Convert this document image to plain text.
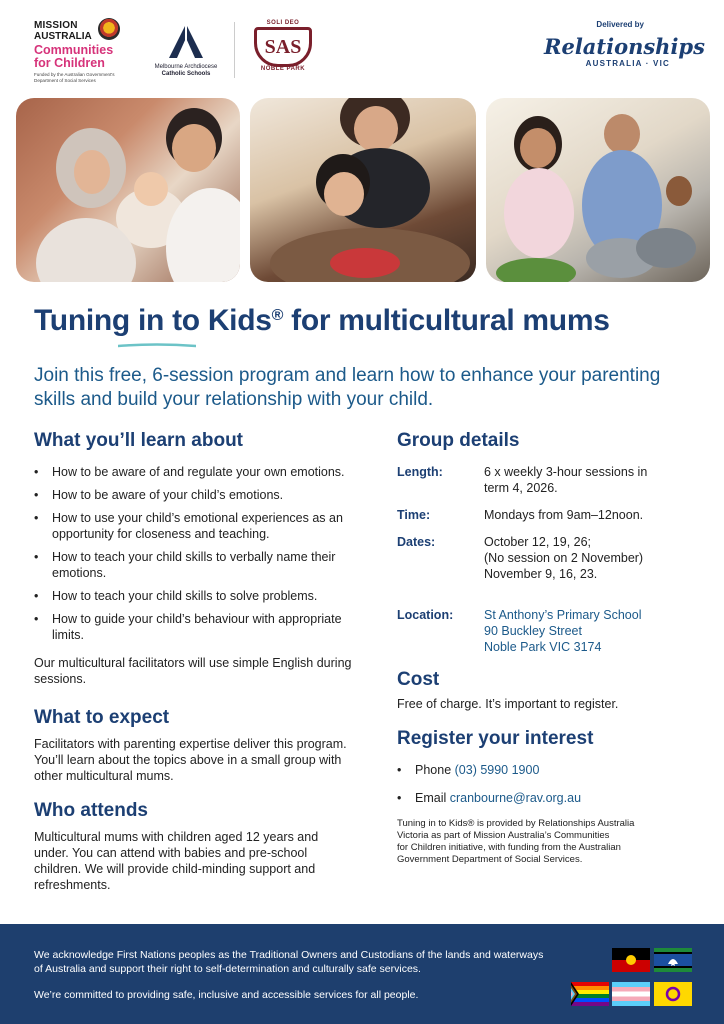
MISSION
AUSTRALIA
Communities
for Children
Funded by the Australian Government's
Department of Social Services
Melbourne Archdiocese
Catholic Schools
SOLI DEO
SAS
NOBLE PARK
Delivered by
Relationships
AUSTRALIA · VIC
Tuning in to Kids® for multicultural mums
Join this free, 6-session program and learn how to enhance your parenting skills and build your relationship with your child.
What you’ll learn about
• How to be aware of and regulate your own emotions.
• How to be aware of your child’s emotions.
• How to use your child’s emotional experiences as an opportunity for closeness and teaching.
• How to teach your child skills to verbally name their emotions.
• How to teach your child skills to solve problems.
• How to guide your child’s behaviour with appropriate limits.
Our multicultural facilitators will use simple English during sessions.
What to expect
Facilitators with parenting expertise deliver this program. You’ll learn about the topics above in a small group with other multicultural mums.
Who attends
Multicultural mums with children aged 12 years and under. You can attend with babies and pre-school children. We will provide child-minding support and refreshments.
Group details
Length:	6 x weekly 3-hour sessions in
term 4, 2026.
Time:	Mondays from 9am–12noon.
Dates:	October 12, 19, 26;
(No session on 2 November)
November 9, 16, 23.
Location:	St Anthony’s Primary School
90 Buckley Street
Noble Park VIC 3174
Cost
Free of charge. It’s important to register.
Register your interest
• Phone (03) 5990 1900
• Email cranbourne@rav.org.au
Tuning in to Kids® is provided by Relationships Australia
Victoria as part of Mission Australia’s Communities
for Children initiative, with funding from the Australian
Government Department of Social Services.
We acknowledge First Nations peoples as the Traditional Owners and Custodians of the lands and waterways of Australia and support their right to self-determination and culturally safe services.
We’re committed to providing safe, inclusive and accessible services for all people.
